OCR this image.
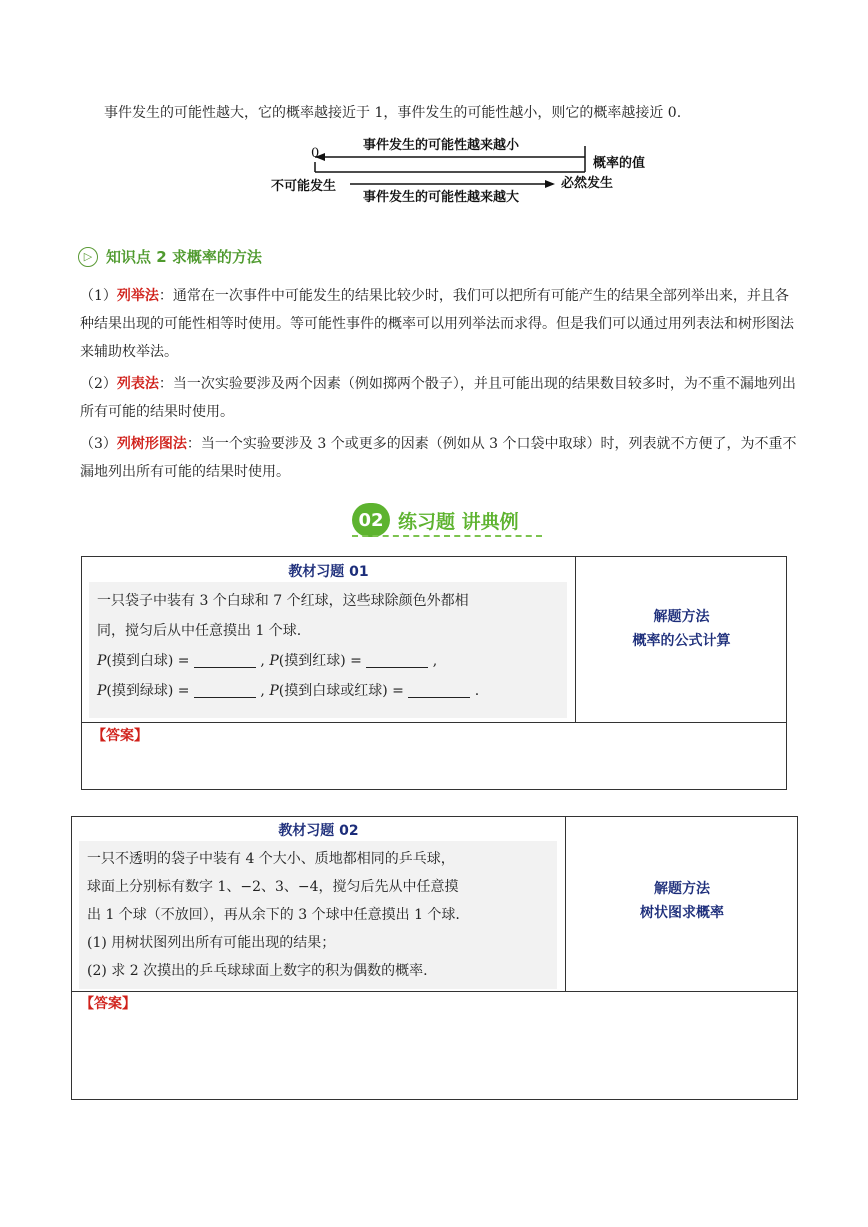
事件发生的可能性越大，它的概率越接近于 1，事件发生的可能性越小，则它的概率越接近 0.
0
事件发生的可能性越来越小
事件发生的可能性越来越大
不可能发生
概率的值
必然发生
▷ 知识点 2 求概率的方法
（1）列举法：通常在一次事件中可能发生的结果比较少时，我们可以把所有可能产生的结果全部列举出来，并且各种结果出现的可能性相等时使用。等可能性事件的概率可以用列举法而求得。但是我们可以通过用列表法和树形图法来辅助枚举法。
（2）列表法：当一次实验要涉及两个因素（例如掷两个骰子），并且可能出现的结果数目较多时，为不重不漏地列出所有可能的结果时使用。
（3）列树形图法：当一个实验要涉及 3 个或更多的因素（例如从 3 个口袋中取球）时，列表就不方便了，为不重不漏地列出所有可能的结果时使用。
02 练习题 讲典例
教材习题 01
一只袋子中装有 3 个白球和 7 个红球，这些球除颜色外都相
同，搅匀后从中任意摸出 1 个球.
P(摸到白球) =	, P(摸到红球) =	,
P(摸到绿球) =	, P(摸到白球或红球) =	.
解题方法
概率的公式计算
【答案】
教材习题 02
一只不透明的袋子中装有 4 个大小、质地都相同的乒乓球，
球面上分别标有数字 1、−2、3、−4，搅匀后先从中任意摸
出 1 个球（不放回），再从余下的 3 个球中任意摸出 1 个球.
(1) 用树状图列出所有可能出现的结果；
(2) 求 2 次摸出的乒乓球球面上数字的积为偶数的概率.
解题方法
树状图求概率
【答案】
